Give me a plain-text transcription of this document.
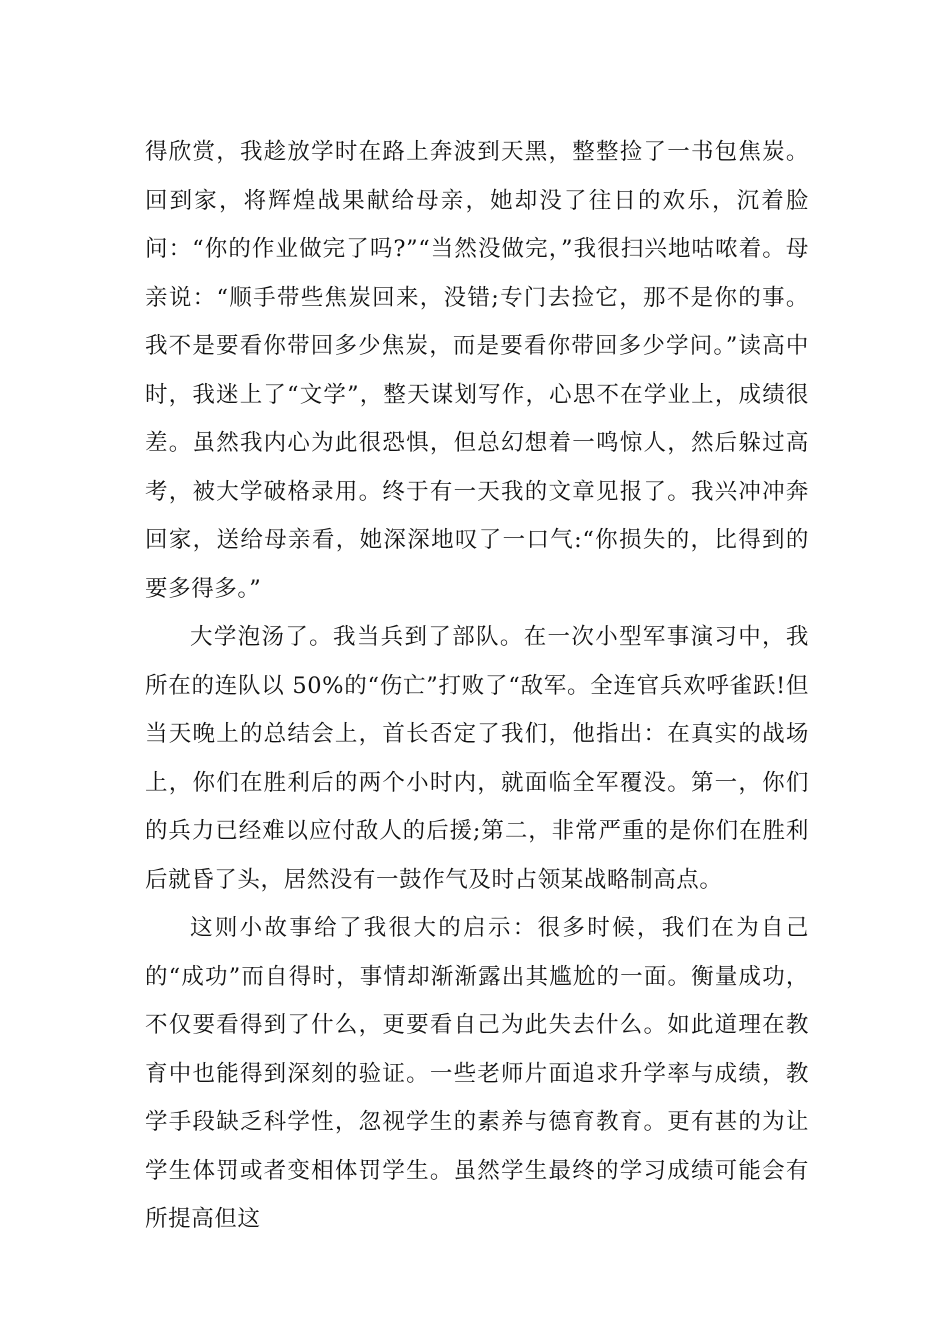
得欣赏，我趁放学时在路上奔波到天黑，整整捡了一书包焦炭。回到家，将辉煌战果献给母亲，她却没了往日的欢乐，沉着脸问：“你的作业做完了吗?”“当然没做完，”我很扫兴地咕哝着。母亲说：“顺手带些焦炭回来，没错;专门去捡它，那不是你的事。我不是要看你带回多少焦炭，而是要看你带回多少学问。”读高中时，我迷上了“文学”，整天谋划写作，心思不在学业上，成绩很差。虽然我内心为此很恐惧，但总幻想着一鸣惊人，然后躲过高考，被大学破格录用。终于有一天我的文章见报了。我兴冲冲奔回家，送给母亲看，她深深地叹了一口气:“你损失的，比得到的要多得多。”

大学泡汤了。我当兵到了部队。在一次小型军事演习中，我所在的连队以 50%的“伤亡”打败了“敌军。全连官兵欢呼雀跃!但当天晚上的总结会上，首长否定了我们，他指出：在真实的战场上，你们在胜利后的两个小时内，就面临全军覆没。第一，你们的兵力已经难以应付敌人的后援;第二，非常严重的是你们在胜利后就昏了头，居然没有一鼓作气及时占领某战略制高点。

这则小故事给了我很大的启示：很多时候，我们在为自己的“成功”而自得时，事情却渐渐露出其尴尬的一面。衡量成功，不仅要看得到了什么，更要看自己为此失去什么。如此道理在教育中也能得到深刻的验证。一些老师片面追求升学率与成绩，教学手段缺乏科学性，忽视学生的素养与德育教育。更有甚的为让学生体罚或者变相体罚学生。虽然学生最终的学习成绩可能会有所提高但这
